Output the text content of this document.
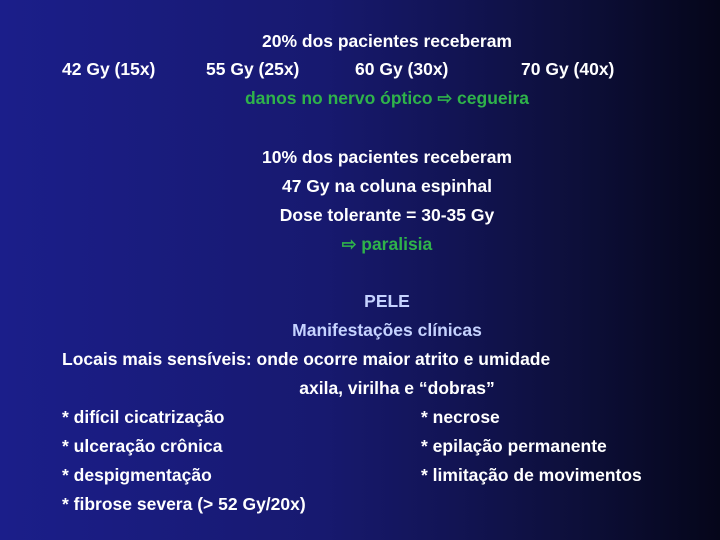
20% dos pacientes receberam
42 Gy (15x)	55 Gy (25x)	60 Gy (30x)	70 Gy (40x)
danos no nervo óptico ⇨ cegueira
10% dos pacientes receberam
47 Gy na coluna espinhal
Dose tolerante = 30-35 Gy
⇨ paralisia
PELE
Manifestações clínicas
Locais mais sensíveis: onde ocorre maior atrito e umidade
axila, virilha e “dobras”
* difícil cicatrização
* ulceração crônica
* despigmentação
* fibrose severa (> 52 Gy/20x)
* necrose
* epilação permanente
* limitação de movimentos
